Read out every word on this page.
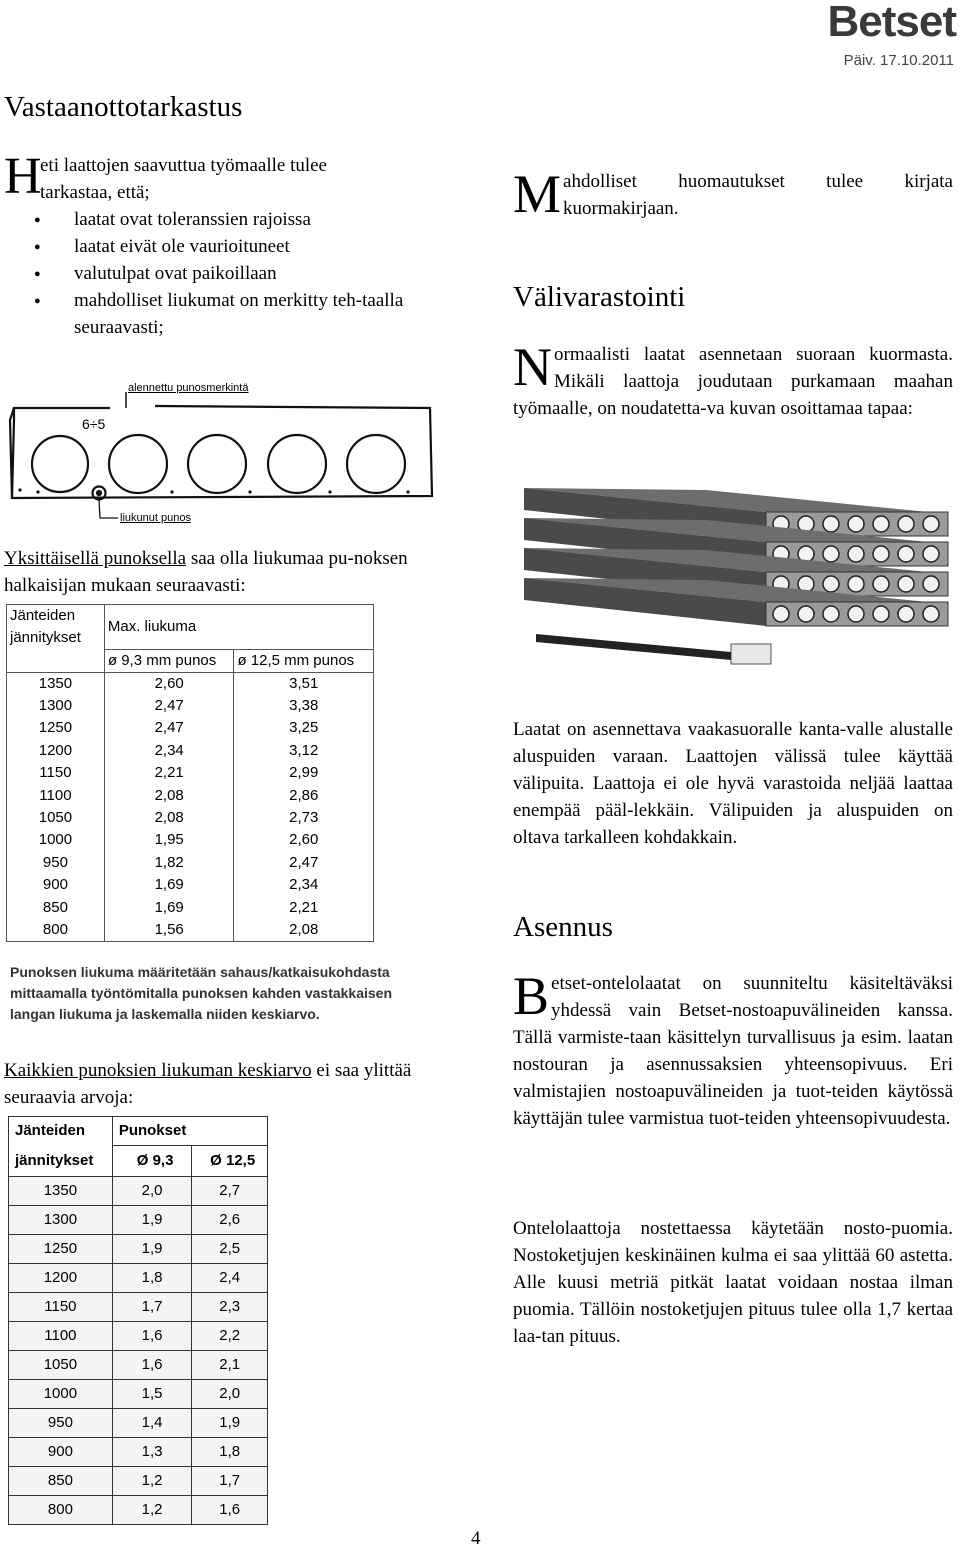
Betset
Päiv. 17.10.2011
Vastaanottotarkastus
H
eti laattojen saavuttua työmaalle tulee
tarkastaa, että;
● laatat ovat toleranssien rajoissa
● laatat eivät ole vaurioituneet
● valutulpat ovat paikoillaan
● mahdolliset liukumat on merkitty teh-taalla seuraavasti;
alennettu punosmerkintä
6÷5
liukunut punos
Yksittäisellä punoksella saa olla liukumaa pu-noksen halkaisijan mukaan seuraavasti:
Jänteiden jännitykset	Max. liukuma	
	ø 9,3 mm punos	ø 12,5 mm punos
1350	2,60	3,51
1300	2,47	3,38
1250	2,47	3,25
1200	2,34	3,12
1150	2,21	2,99
1100	2,08	2,86
1050	2,08	2,73
1000	1,95	2,60
950	1,82	2,47
900	1,69	2,34
850	1,69	2,21
800	1,56	2,08
Punoksen liukuma määritetään sahaus/katkaisukohdasta mittaamalla työntömitalla punoksen kahden vastakkaisen langan liukuma ja laskemalla niiden keskiarvo.
Kaikkien punoksien liukuman keskiarvo ei saa ylittää seuraavia arvoja:
Jänteiden	Punokset	
jännitykset	Ø 9,3	Ø 12,5
1350	2,0	2,7
1300	1,9	2,6
1250	1,9	2,5
1200	1,8	2,4
1150	1,7	2,3
1100	1,6	2,2
1050	1,6	2,1
1000	1,5	2,0
950	1,4	1,9
900	1,3	1,8
850	1,2	1,7
800	1,2	1,6
Mahdolliset huomautukset tulee kirjata kuormakirjaan.
Välivarastointi
Normaalisti laatat asennetaan suoraan kuormasta. Mikäli laattoja joudutaan purkamaan maahan työmaalle, on noudatetta-va kuvan osoittamaa tapaa:
Laatat on asennettava vaakasuoralle kanta-valle alustalle aluspuiden varaan. Laattojen välissä tulee käyttää välipuita. Laattoja ei ole hyvä varastoida neljää laattaa enempää pääl-lekkäin. Välipuiden ja aluspuiden on oltava tarkalleen kohdakkain.
Asennus
Betset-ontelolaatat on suunniteltu käsiteltäväksi yhdessä vain Betset-nostoapuvälineiden kanssa. Tällä varmiste-taan käsittelyn turvallisuus ja esim. laatan nostouran ja asennussaksien yhteensopivuus. Eri valmistajien nostoapuvälineiden ja tuot-teiden käytössä käyttäjän tulee varmistua tuot-teiden yhteensopivuudesta.
Ontelolaattoja nostettaessa käytetään nosto-puomia. Nostoketjujen keskinäinen kulma ei saa ylittää 60 astetta. Alle kuusi metriä pitkät laatat voidaan nostaa ilman puomia. Tällöin nostoketjujen pituus tulee olla 1,7 kertaa laa-tan pituus.
4
